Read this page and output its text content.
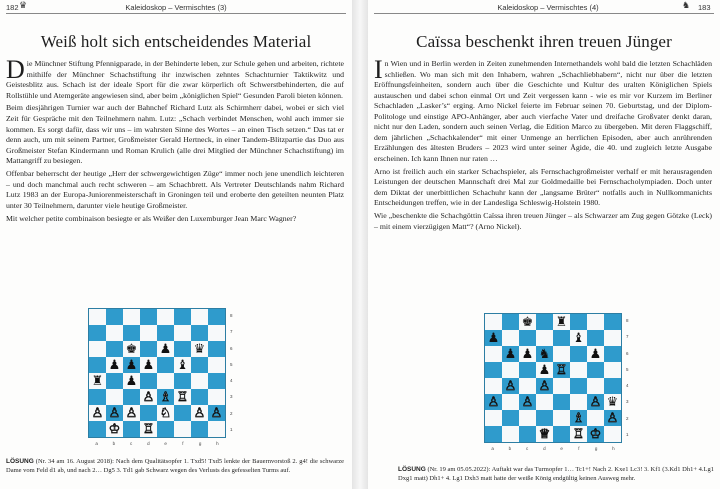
182 ♛	Kaleidoskop – Vermischtes (3)
Weiß holt sich entscheidendes Material

Die Münchner Stiftung Pfennigparade, in der Behinderte leben, zur Schule gehen und arbeiten, richtete mithilfe der Münchner Schachstiftung ihr inzwischen zehntes Schachturnier Taktikwitz und Geistesblitz aus. Schach ist der ideale Sport für die zwar körperlich oft Schwerstbehinderten, die auf Rollstühle und Atemgeräte angewiesen sind, aber beim „königlichen Spiel“ Gesunden Paroli bieten können.

Beim diesjährigen Turnier war auch der Bahnchef Richard Lutz als Schirmherr dabei, wobei er sich viel Zeit für Gespräche mit den Teilnehmern nahm. Lutz: „Schach verbindet Menschen, wohl auch immer sie kommen. Es sorgt dafür, dass wir uns – im wahrsten Sinne des Wortes – an einen Tisch setzen.“ Das tat er denn auch, um mit seinem Partner, Großmeister Gerald Hertneck, in einer Tandem-Blitzpartie das Duo aus Großmeister Stefan Kindermann und Roman Krulich (alle drei Mitglied der Münchner Schachstiftung) im Mattangriff zu besiegen.

Offenbar beherrscht der heutige „Herr der schwergewichtigen Züge“ immer noch jene unendlich leichteren – und doch manchmal auch recht schweren – am Schachbrett. Als Vertreter Deutschlands nahm Richard Lutz 1983 an der Europa-Juniorenmeisterschaft in Groningen teil und eroberte den geteilten neunten Platz unter 30 Teilnehmern, darunter viele heutige Großmeister.

Mit welcher petite combinaison besiegte er als Weißer den Luxemburger Jean Marc Wagner?

♚ ♟ ♛
♟ ♟ ♟ ♝
♜ ♟
♙ ♗ ♖
♙ ♙ ♙ ♘ ♙ ♙
♔ ♖
8
7
6
5
4
3
2
1
a	b	c	d	e	f	g	h
LÖSUNG (Nr. 34 am 16. August 2018): Nach dem Qualitätsopfer 1. Txd5! Txd5 lenkte der Bauernvorstoß 2. g4! die schwarze Dame vom Feld d1 ab, und nach 2… Dg5 3. Td1 gab Schwarz wegen des Verlusts des gefesselten Turms auf.
Kaleidoskop – Vermischtes (4)	♞ 183
Caïssa beschenkt ihren treuen Jünger

In Wien und in Berlin werden in Zeiten zunehmenden Internethandels wohl bald die letzten Schachläden schließen. Wo man sich mit den Inhabern, wahren „Schachliebhabern“, nicht nur über die letzten Eröffnungsfeinheiten, sondern auch über die Geschichte und Kultur des uralten Königlichen Spiels austauschen und dabei schon einmal Ort und Zeit vergessen kann - wie es mir vor Kurzem im Berliner Schachladen „Lasker’s“ erging. Arno Nickel feierte im Februar seinen 70. Geburtstag, und der Diplom-Politologe und einstige APO-Anhänger, aber auch vierfache Vater und dreifache Großvater denkt daran, nicht nur den Laden, sondern auch seinen Verlag, die Edition Marco zu übergeben. Mit deren Flaggschiff, dem jährlichen „Schachkalender“ mit einer Unmenge an herrlichen Episoden, aber auch anrührenden Erzählungen des ältesten Bruders – 2023 wird unter seiner Ägide, die 40. und zugleich letzte Ausgabe erscheinen. Ich kann Ihnen nur raten …

Arno ist freilich auch ein starker Schachspieler, als Fernschachgroßmeister verhalf er mit herausragenden Leistungen der deutschen Mannschaft drei Mal zur Goldmedaille bei Fernschacholympiaden. Doch unter dem Diktat der unerbittlichen Schachuhr kann der „langsame Brüter“ notfalls auch in Nullkommanichts Entscheidungen treffen, wie in der Landesliga Schleswig-Holstein 1980.

Wie „beschenkte die Schachgöttin Caïssa ihren treuen Jünger – als Schwarzer am Zug gegen Götzke (Leck) – mit einem vierzügigen Matt“? (Arno Nickel).

♚ ♜
♟	♝
♟ ♟ ♞	♟
♟ ♖
♙ ♙
♙ ♙	♙ ♛
♗ ♙
♕ ♖ ♔
8
7
6
5
4
3
2
1
a	b	c	d	e	f	g	h
LÖSUNG (Nr. 19 am 05.05.2022): Auftakt war das Turmopfer 1… Tc1+! Nach 2. Kxe1 Lc3! 3. Kf1 (3.Kd1 Dh1+ 4.Lg1 Dxg1 matt) Dh1+ 4. Lg1 Dxh3 matt hatte der weiße König endgültig keinen Ausweg mehr.
